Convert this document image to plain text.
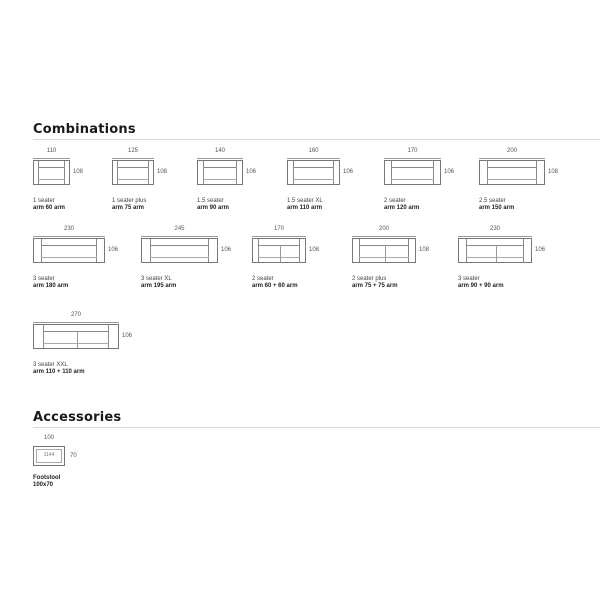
Combinations
110
108
1 seater
arm 60 arm
125
108
1 seater plus
arm 75 arm
140
106
1.5 seater
arm 90 arm
160
106
1.5 seater XL
arm 110 arm
170
106
2 seater
arm 120 arm
200
108
2.5 seater
arm 150 arm
230
106
3 seater
arm 180 arm
245
106
3 seater XL
arm 195 arm
170
108
2 seater
arm 60 + 60 arm
200
108
2 seater plus
arm 75 + 75 arm
230
106
3 seater
arm 90 + 90 arm
270
106
3 seater XXL
arm 110 + 110 arm
Accessories
100
1144	70
Footstool
100x70
